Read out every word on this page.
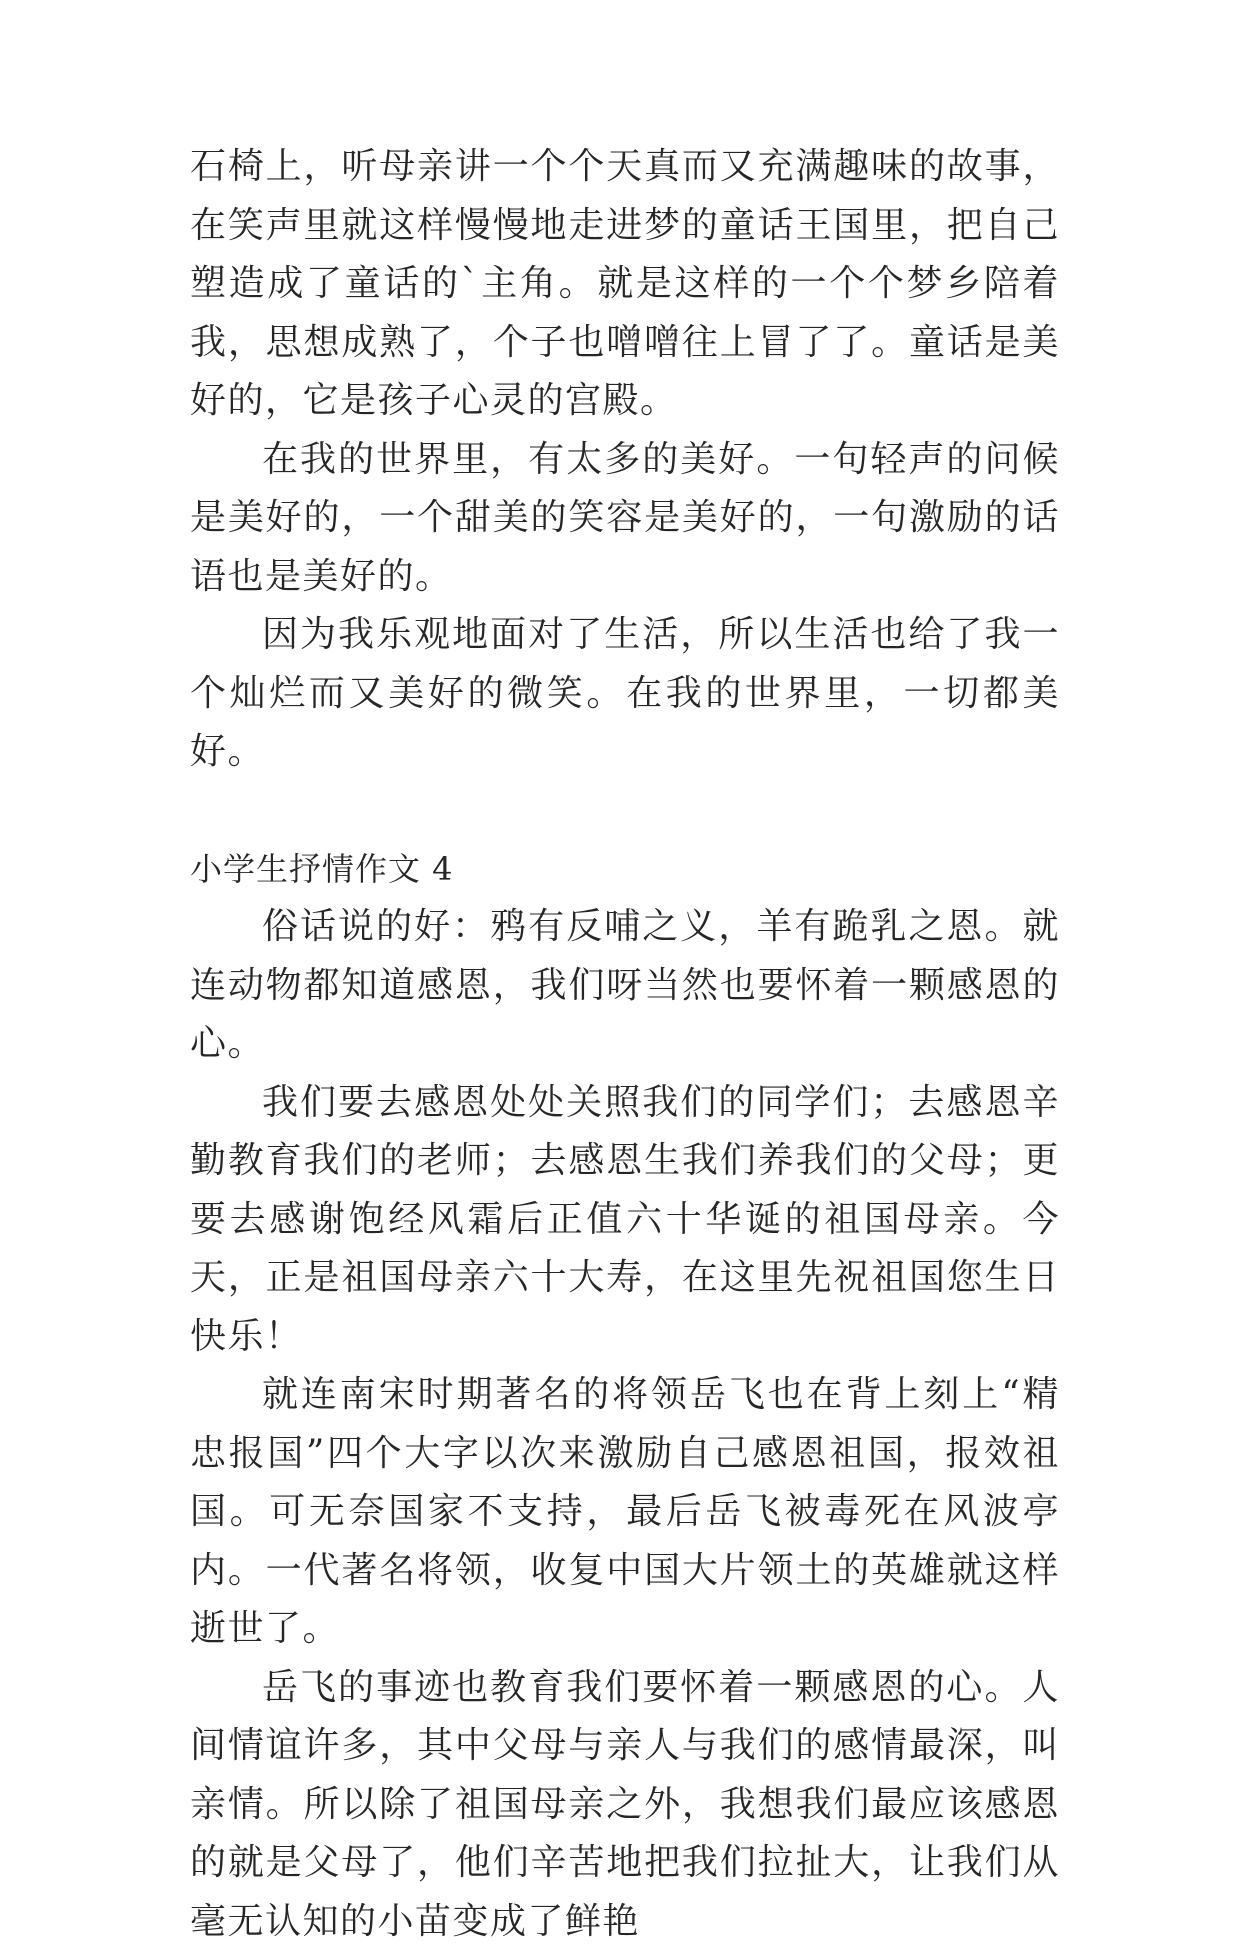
石椅上，听母亲讲一个个天真而又充满趣味的故事，在笑声里就这样慢慢地走进梦的童话王国里，把自己塑造成了童话的`主角。就是这样的一个个梦乡陪着我，思想成熟了，个子也噌噌往上冒了了。童话是美好的，它是孩子心灵的宫殿。

在我的世界里，有太多的美好。一句轻声的问候是美好的，一个甜美的笑容是美好的，一句激励的话语也是美好的。

因为我乐观地面对了生活，所以生活也给了我一个灿烂而又美好的微笑。在我的世界里，一切都美好。

小学生抒情作文 4

俗话说的好：鸦有反哺之义，羊有跪乳之恩。就连动物都知道感恩，我们呀当然也要怀着一颗感恩的心。

我们要去感恩处处关照我们的同学们；去感恩辛勤教育我们的老师；去感恩生我们养我们的父母；更要去感谢饱经风霜后正值六十华诞的祖国母亲。今天，正是祖国母亲六十大寿，在这里先祝祖国您生日快乐！

就连南宋时期著名的将领岳飞也在背上刻上“精忠报国”四个大字以次来激励自己感恩祖国，报效祖国。可无奈国家不支持，最后岳飞被毒死在风波亭内。一代著名将领，收复中国大片领土的英雄就这样逝世了。

岳飞的事迹也教育我们要怀着一颗感恩的心。人间情谊许多，其中父母与亲人与我们的感情最深，叫亲情。所以除了祖国母亲之外，我想我们最应该感恩的就是父母了，他们辛苦地把我们拉扯大，让我们从毫无认知的小苗变成了鲜艳
